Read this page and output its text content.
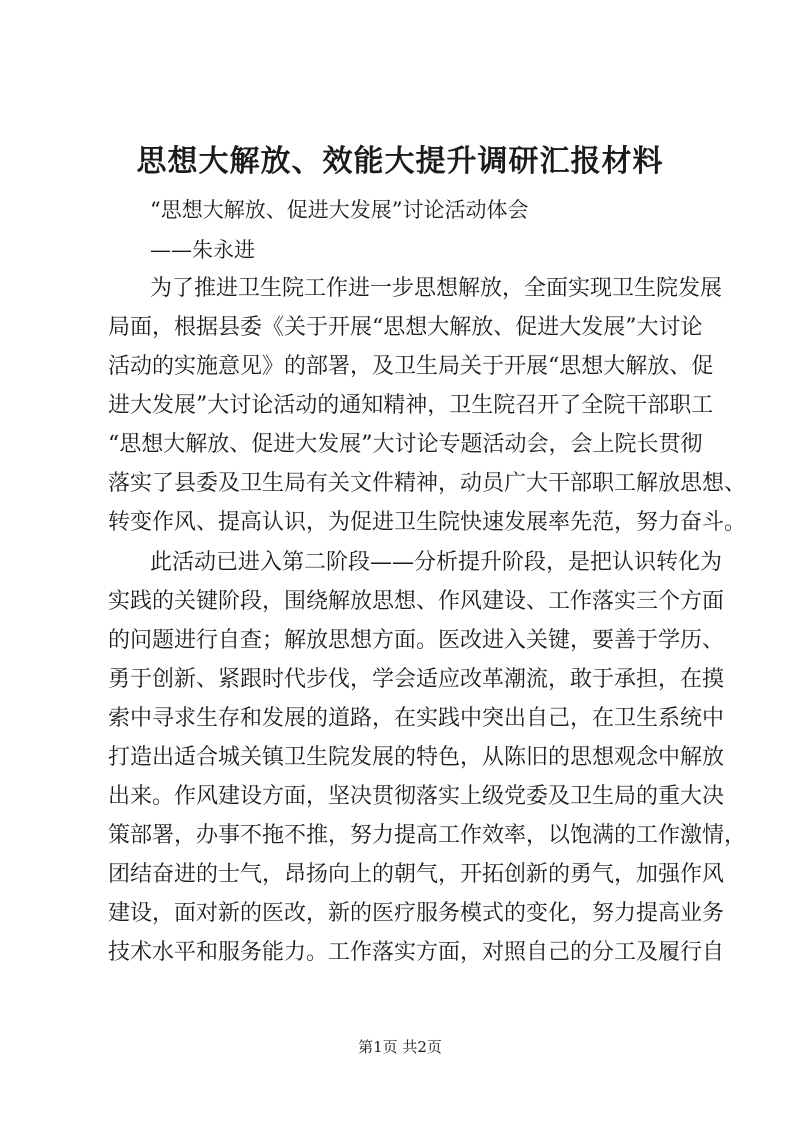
思想大解放、效能大提升调研汇报材料
“思想大解放、促进大发展”讨论活动体会
——朱永进
为了推进卫生院工作进一步思想解放，全面实现卫生院发展
局面，根据县委《关于开展“思想大解放、促进大发展”大讨论
活动的实施意见》的部署，及卫生局关于开展“思想大解放、促
进大发展”大讨论活动的通知精神，卫生院召开了全院干部职工
“思想大解放、促进大发展”大讨论专题活动会，会上院长贯彻
落实了县委及卫生局有关文件精神，动员广大干部职工解放思想、
转变作风、提高认识，为促进卫生院快速发展率先范，努力奋斗。
此活动已进入第二阶段——分析提升阶段，是把认识转化为
实践的关键阶段，围绕解放思想、作风建设、工作落实三个方面
的问题进行自查；解放思想方面。医改进入关键，要善于学历、
勇于创新、紧跟时代步伐，学会适应改革潮流，敢于承担，在摸
索中寻求生存和发展的道路，在实践中突出自己，在卫生系统中
打造出适合城关镇卫生院发展的特色，从陈旧的思想观念中解放
出来。作风建设方面，坚决贯彻落实上级党委及卫生局的重大决
策部署，办事不拖不推，努力提高工作效率，以饱满的工作激情，
团结奋进的士气，昂扬向上的朝气，开拓创新的勇气，加强作风
建设，面对新的医改，新的医疗服务模式的变化，努力提高业务
技术水平和服务能力。工作落实方面，对照自己的分工及履行自
第1页 共2页
